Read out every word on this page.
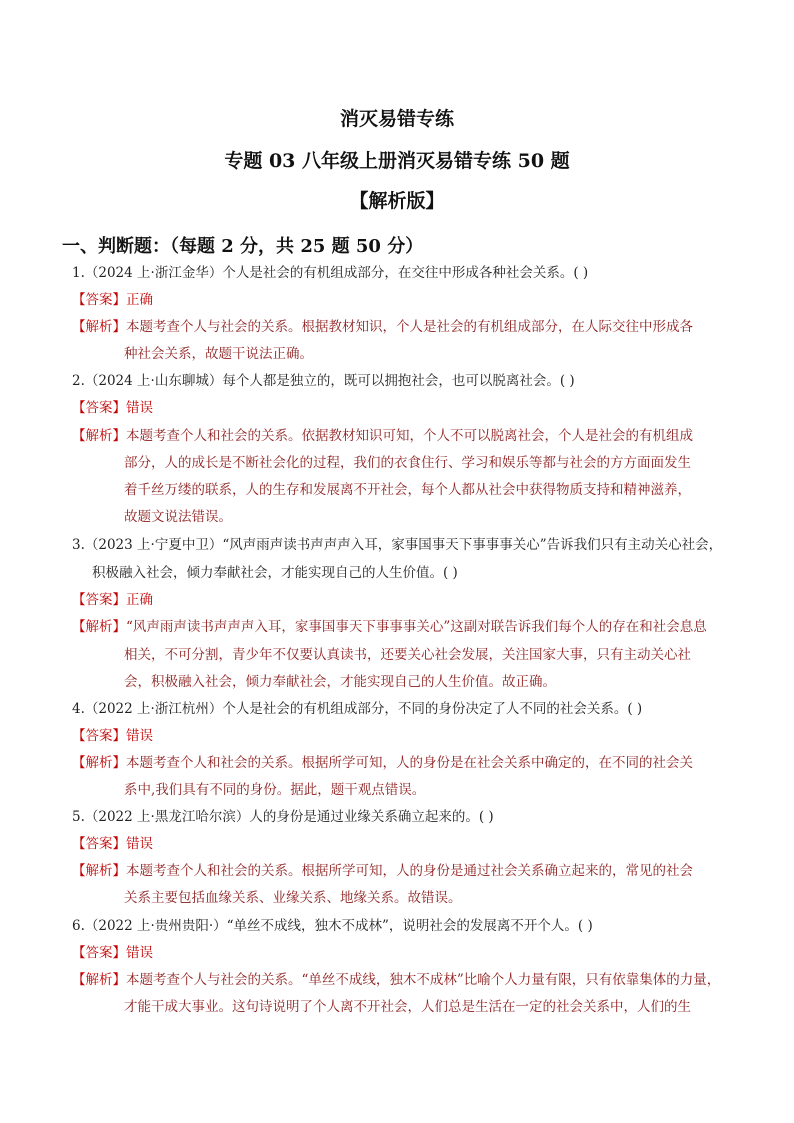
消灭易错专练
专题 03 八年级上册消灭易错专练 50 题
【解析版】
一、判断题：（每题 2 分，共 25 题 50 分）
1.（2024 上·浙江金华）个人是社会的有机组成部分，在交往中形成各种社会关系。( )
【答案】正确
【解析】本题考查个人与社会的关系。根据教材知识，个人是社会的有机组成部分，在人际交往中形成各
种社会关系，故题干说法正确。
2.（2024 上·山东聊城）每个人都是独立的，既可以拥抱社会，也可以脱离社会。( )
【答案】错误
【解析】本题考查个人和社会的关系。依据教材知识可知，个人不可以脱离社会，个人是社会的有机组成
部分，人的成长是不断社会化的过程，我们的衣食住行、学习和娱乐等都与社会的方方面面发生
着千丝万缕的联系，人的生存和发展离不开社会，每个人都从社会中获得物质支持和精神滋养，
故题文说法错误。
3.（2023 上·宁夏中卫）“风声雨声读书声声声入耳，家事国事天下事事事关心”告诉我们只有主动关心社会，
积极融入社会，倾力奉献社会，才能实现自己的人生价值。( )
【答案】正确
【解析】“风声雨声读书声声声入耳，家事国事天下事事事关心”这副对联告诉我们每个人的存在和社会息息
相关，不可分割，青少年不仅要认真读书，还要关心社会发展，关注国家大事，只有主动关心社
会，积极融入社会，倾力奉献社会，才能实现自己的人生价值。故正确。
4.（2022 上·浙江杭州）个人是社会的有机组成部分，不同的身份决定了人不同的社会关系。( )
【答案】错误
【解析】本题考查个人和社会的关系。根据所学可知，人的身份是在社会关系中确定的，在不同的社会关
系中,我们具有不同的身份。据此，题干观点错误。
5.（2022 上·黑龙江哈尔滨）人的身份是通过业缘关系确立起来的。( )
【答案】错误
【解析】本题考查个人和社会的关系。根据所学可知，人的身份是通过社会关系确立起来的，常见的社会
关系主要包括血缘关系、业缘关系、地缘关系。故错误。
6.（2022 上·贵州贵阳·）“单丝不成线，独木不成林”，说明社会的发展离不开个人。( )
【答案】错误
【解析】本题考查个人与社会的关系。“单丝不成线，独木不成林”比喻个人力量有限，只有依靠集体的力量，
才能干成大事业。这句诗说明了个人离不开社会，人们总是生活在一定的社会关系中，人们的生
